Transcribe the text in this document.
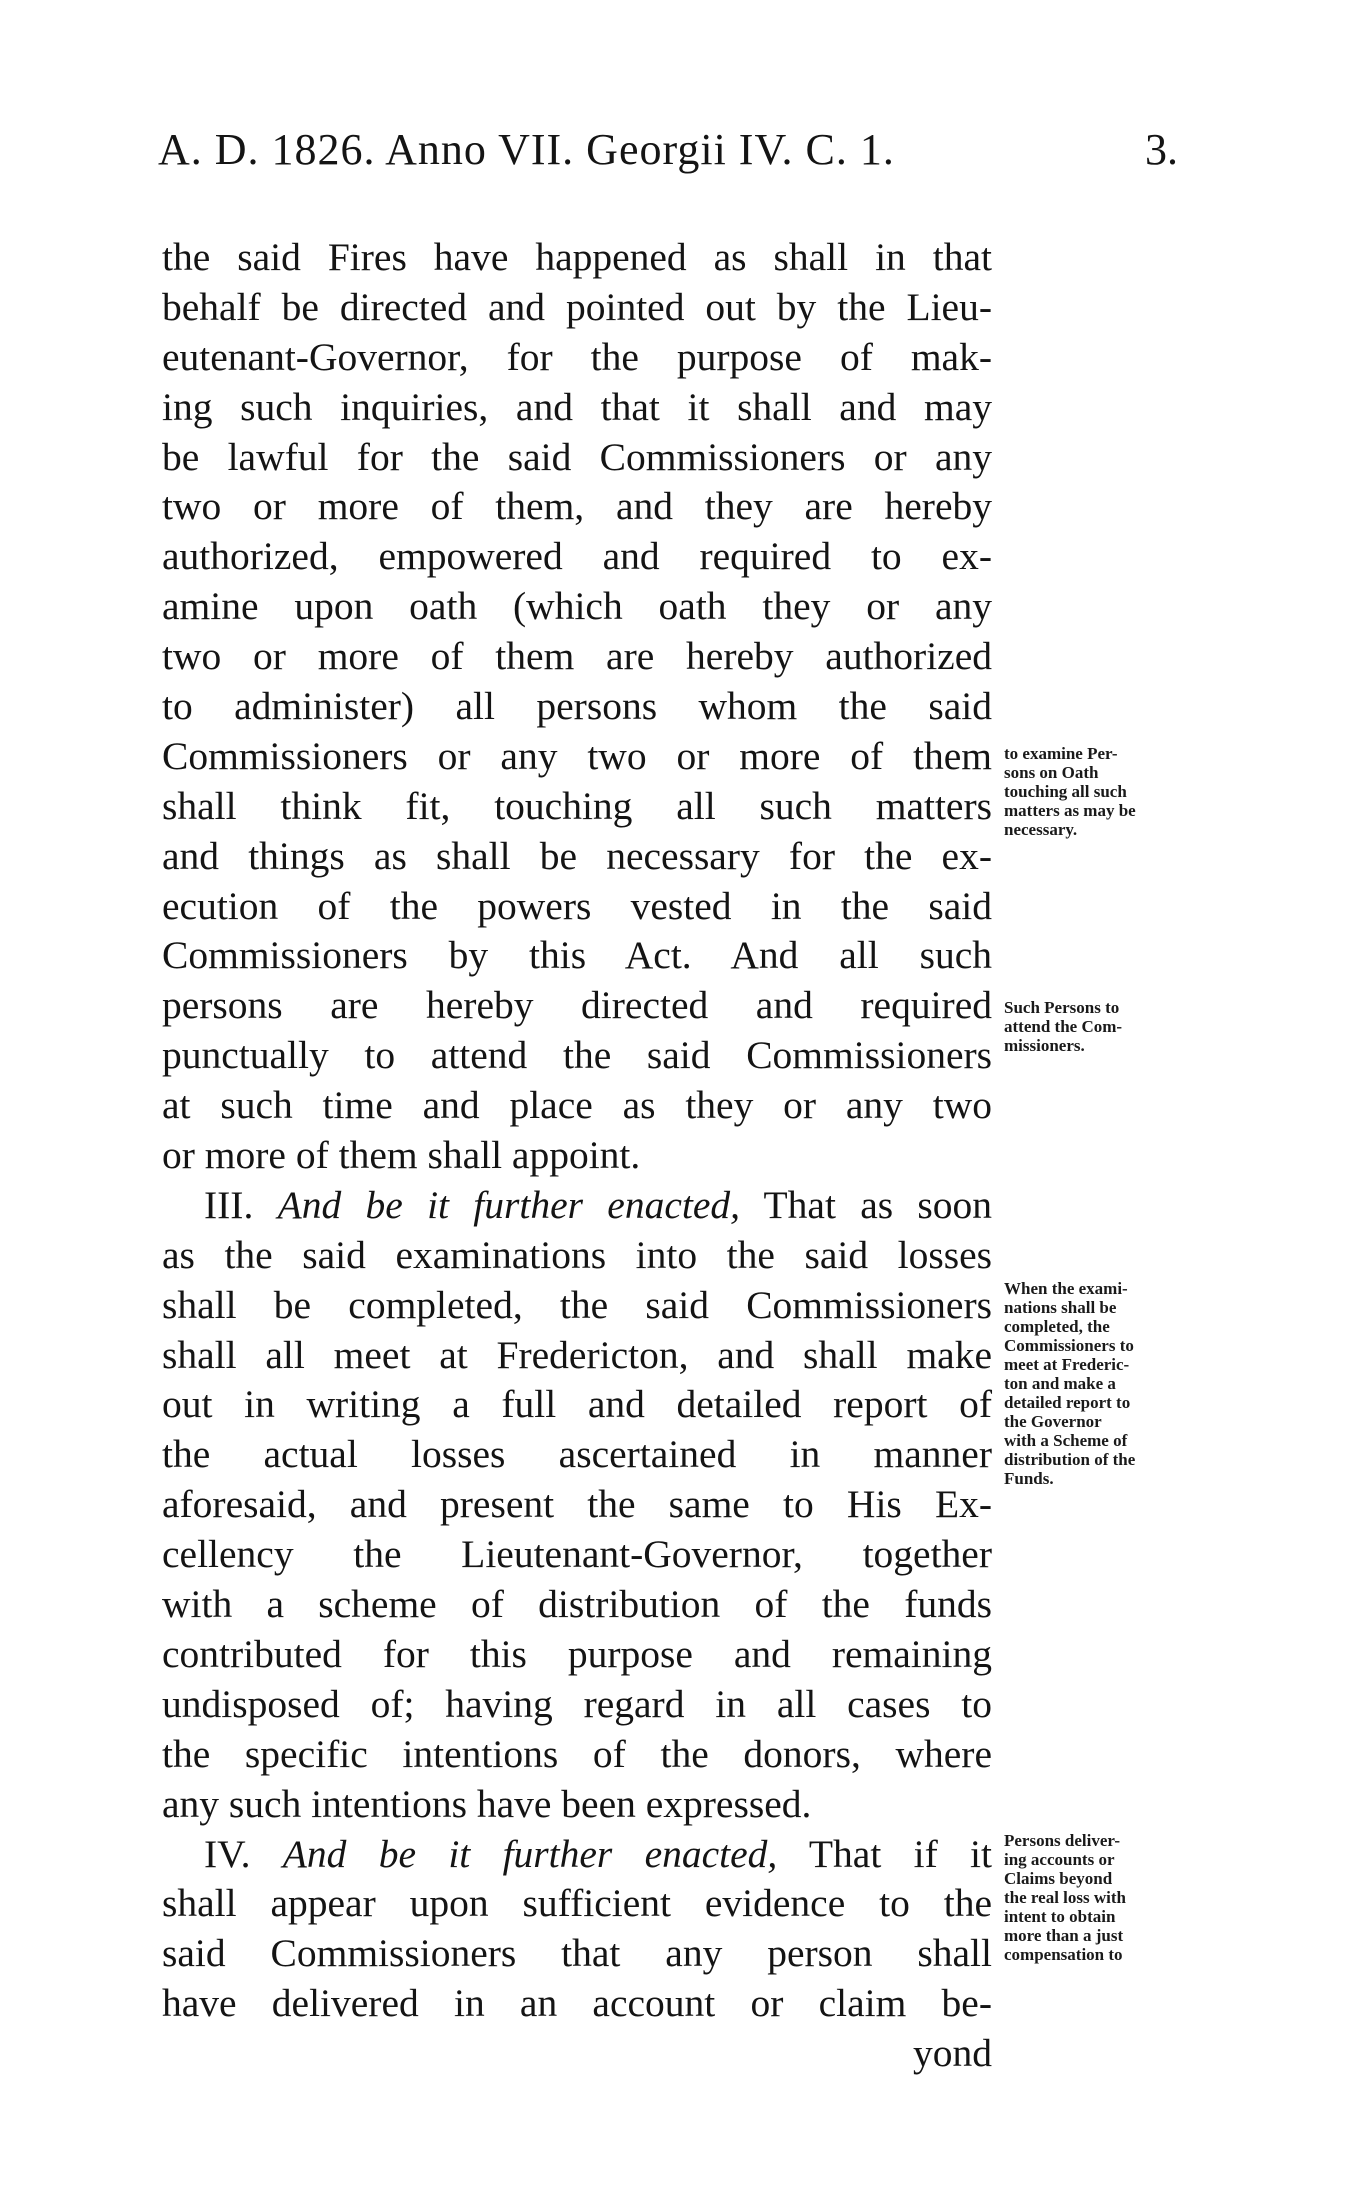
A. D. 1826. Anno VII. Georgii IV. C. 1.	3.
the said Fires have happened as shall in that
behalf be directed and pointed out by the Lieu-
eutenant-Governor, for the purpose of mak-
ing such inquiries, and that it shall and may
be lawful for the said Commissioners or any
two or more of them, and they are hereby
authorized, empowered and required to ex-
amine upon oath (which oath they or any
two or more of them are hereby authorized
to administer) all persons whom the said
Commissioners or any two or more of them
shall think fit, touching all such matters
and things as shall be necessary for the ex-
ecution of the powers vested in the said
Commissioners by this Act. And all such
persons are hereby directed and required
punctually to attend the said Commissioners
at such time and place as they or any two
or more of them shall appoint.
III. And be it further enacted, That as soon
as the said examinations into the said losses
shall be completed, the said Commissioners
shall all meet at Fredericton, and shall make
out in writing a full and detailed report of
the actual losses ascertained in manner
aforesaid, and present the same to His Ex-
cellency the Lieutenant-Governor, together
with a scheme of distribution of the funds
contributed for this purpose and remaining
undisposed of; having regard in all cases to
the specific intentions of the donors, where
any such intentions have been expressed.
IV. And be it further enacted, That if it
shall appear upon sufficient evidence to the
said Commissioners that any person shall
have delivered in an account or claim be-
yond
to examine Per-
sons on Oath
touching all such
matters as may be
necessary.
Such Persons to
attend the Com-
missioners.
When the exami-
nations shall be
completed, the
Commissioners to
meet at Frederic-
ton and make a
detailed report to
the Governor
with a Scheme of
distribution of the
Funds.
Persons deliver-
ing accounts or
Claims beyond
the real loss with
intent to obtain
more than a just
compensation to
